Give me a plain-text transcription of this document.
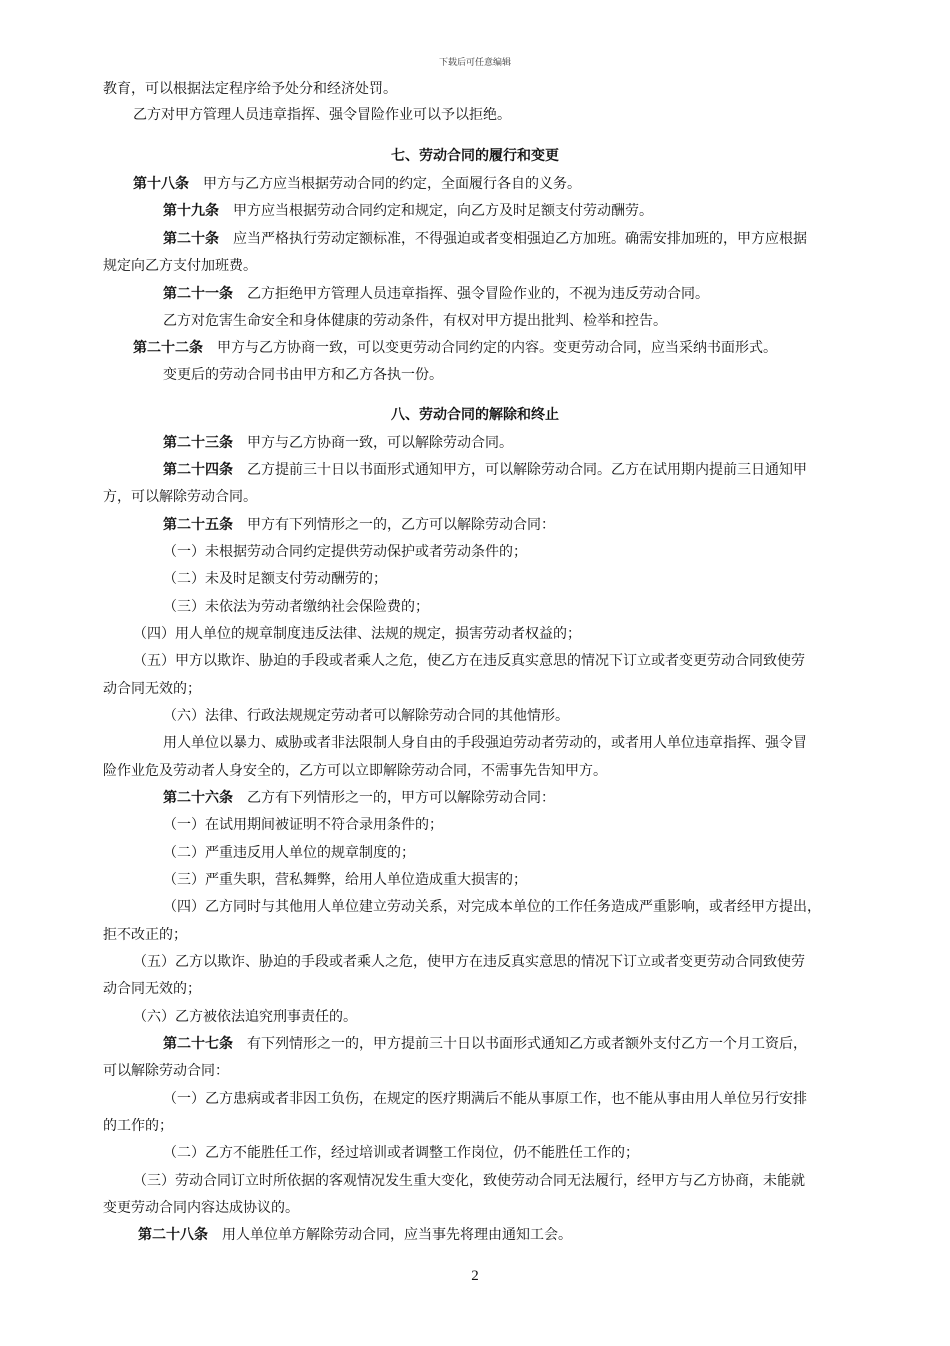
下载后可任意编辑
教育，可以根据法定程序给予处分和经济处罚。
乙方对甲方管理人员违章指挥、强令冒险作业可以予以拒绝。
七、劳动合同的履行和变更
第十八条　甲方与乙方应当根据劳动合同的约定，全面履行各自的义务。
第十九条　甲方应当根据劳动合同约定和规定，向乙方及时足额支付劳动酬劳。
第二十条　应当严格执行劳动定额标准，不得强迫或者变相强迫乙方加班。确需安排加班的，甲方应根据
规定向乙方支付加班费。
第二十一条　乙方拒绝甲方管理人员违章指挥、强令冒险作业的，不视为违反劳动合同。
乙方对危害生命安全和身体健康的劳动条件，有权对甲方提出批判、检举和控告。
第二十二条　甲方与乙方协商一致，可以变更劳动合同约定的内容。变更劳动合同，应当采纳书面形式。
变更后的劳动合同书由甲方和乙方各执一份。
八、劳动合同的解除和终止
第二十三条　甲方与乙方协商一致，可以解除劳动合同。
第二十四条　乙方提前三十日以书面形式通知甲方，可以解除劳动合同。乙方在试用期内提前三日通知甲
方，可以解除劳动合同。
第二十五条　甲方有下列情形之一的，乙方可以解除劳动合同：
（一）未根据劳动合同约定提供劳动保护或者劳动条件的；
（二）未及时足额支付劳动酬劳的；
（三）未依法为劳动者缴纳社会保险费的；
（四）用人单位的规章制度违反法律、法规的规定，损害劳动者权益的；
（五）甲方以欺诈、胁迫的手段或者乘人之危，使乙方在违反真实意思的情况下订立或者变更劳动合同致使劳
动合同无效的；
（六）法律、行政法规规定劳动者可以解除劳动合同的其他情形。
用人单位以暴力、威胁或者非法限制人身自由的手段强迫劳动者劳动的，或者用人单位违章指挥、强令冒
险作业危及劳动者人身安全的，乙方可以立即解除劳动合同，不需事先告知甲方。
第二十六条　乙方有下列情形之一的，甲方可以解除劳动合同：
（一）在试用期间被证明不符合录用条件的；
（二）严重违反用人单位的规章制度的；
（三）严重失职，营私舞弊，给用人单位造成重大损害的；
（四）乙方同时与其他用人单位建立劳动关系，对完成本单位的工作任务造成严重影响，或者经甲方提出，
拒不改正的；
（五）乙方以欺诈、胁迫的手段或者乘人之危，使甲方在违反真实意思的情况下订立或者变更劳动合同致使劳
动合同无效的；
（六）乙方被依法追究刑事责任的。
第二十七条　有下列情形之一的，甲方提前三十日以书面形式通知乙方或者额外支付乙方一个月工资后，
可以解除劳动合同：
（一）乙方患病或者非因工负伤，在规定的医疗期满后不能从事原工作，也不能从事由用人单位另行安排
的工作的；
（二）乙方不能胜任工作，经过培训或者调整工作岗位，仍不能胜任工作的；
（三）劳动合同订立时所依据的客观情况发生重大变化，致使劳动合同无法履行，经甲方与乙方协商，未能就
变更劳动合同内容达成协议的。
第二十八条　用人单位单方解除劳动合同，应当事先将理由通知工会。
2
